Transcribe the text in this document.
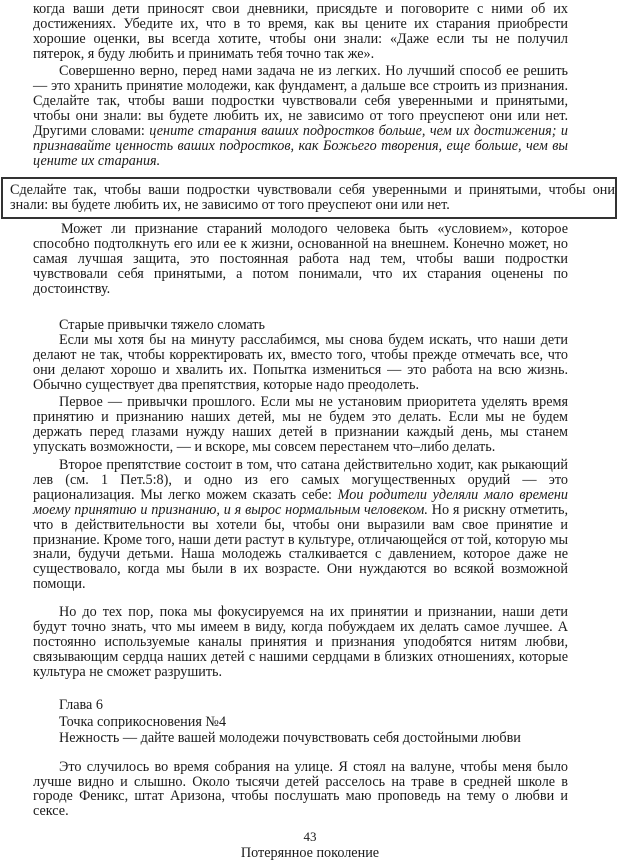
когда ваши дети приносят свои дневники, присядьте и поговорите с ними об их достижениях. Убедите их, что в то время, как вы цените их старания приобрести хорошие оценки, вы всегда хотите, чтобы они знали: «Даже если ты не получил пятерок, я буду любить и принимать тебя точно так же».

Совершенно верно, перед нами задача не из легких. Но лучший способ ее решить — это хранить принятие молодежи, как фундамент, а дальше все строить из признания. Сделайте так, чтобы ваши подростки чувствовали себя уверенными и принятыми, чтобы они знали: вы будете любить их, не зависимо от того преуспеют они или нет. Другими словами: цените старания ваших подростков больше, чем их достижения; и признавайте ценность ваших подростков, как Божьего творения, еще больше, чем вы цените их старания.

Сделайте так, чтобы ваши подростки чувствовали себя уверенными и принятыми, чтобы они знали: вы будете любить их, не зависимо от того преуспеют они или нет.

Может ли признание стараний молодого человека быть «условием», которое способно подтолкнуть его или ее к жизни, основанной на внешнем. Конечно может, но самая лучшая защита, это постоянная работа над тем, чтобы ваши подростки чувствовали себя принятыми, а потом понимали, что их старания оценены по достоинству.

Старые привычки тяжело сломать

Если мы хотя бы на минуту расслабимся, мы снова будем искать, что наши дети делают не так, чтобы корректировать их, вместо того, чтобы прежде отмечать все, что они делают хорошо и хвалить их. Попытка измениться — это работа на всю жизнь. Обычно существует два препятствия, которые надо преодолеть.

Первое — привычки прошлого. Если мы не установим приоритета уделять время принятию и признанию наших детей, мы не будем это делать. Если мы не будем держать перед глазами нужду наших детей в признании каждый день, мы станем упускать возможности, — и вскоре, мы совсем перестанем что–либо делать.

Второе препятствие состоит в том, что сатана действительно ходит, как рыкающий лев (см. 1 Пет.5:8), и одно из его самых могущественных орудий — это рационализация. Мы легко можем сказать себе: Мои родители уделяли мало времени моему принятию и признанию, и я вырос нормальным человеком. Но я рискну отметить, что в действительности вы хотели бы, чтобы они выразили вам свое принятие и признание. Кроме того, наши дети растут в культуре, отличающейся от той, которую мы знали, будучи детьми. Наша молодежь сталкивается с давлением, которое даже не существовало, когда мы были в их возрасте. Они нуждаются во всякой возможной помощи.

Но до тех пор, пока мы фокусируемся на их принятии и признании, наши дети будут точно знать, что мы имеем в виду, когда побуждаем их делать самое лучшее. А постоянно используемые каналы принятия и признания уподобятся нитям любви, связывающим сердца наших детей с нашими сердцами в близких отношениях, которые культура не сможет разрушить.

Глава 6
Точка соприкосновения №4
Нежность — дайте вашей молодежи почувствовать себя достойными любви

Это случилось во время собрания на улице. Я стоял на валуне, чтобы меня было лучше видно и слышно. Около тысячи детей расселось на траве в средней школе в городе Феникс, штат Аризона, чтобы послушать маю проповедь на тему о любви и сексе.

43
Потерянное поколение
